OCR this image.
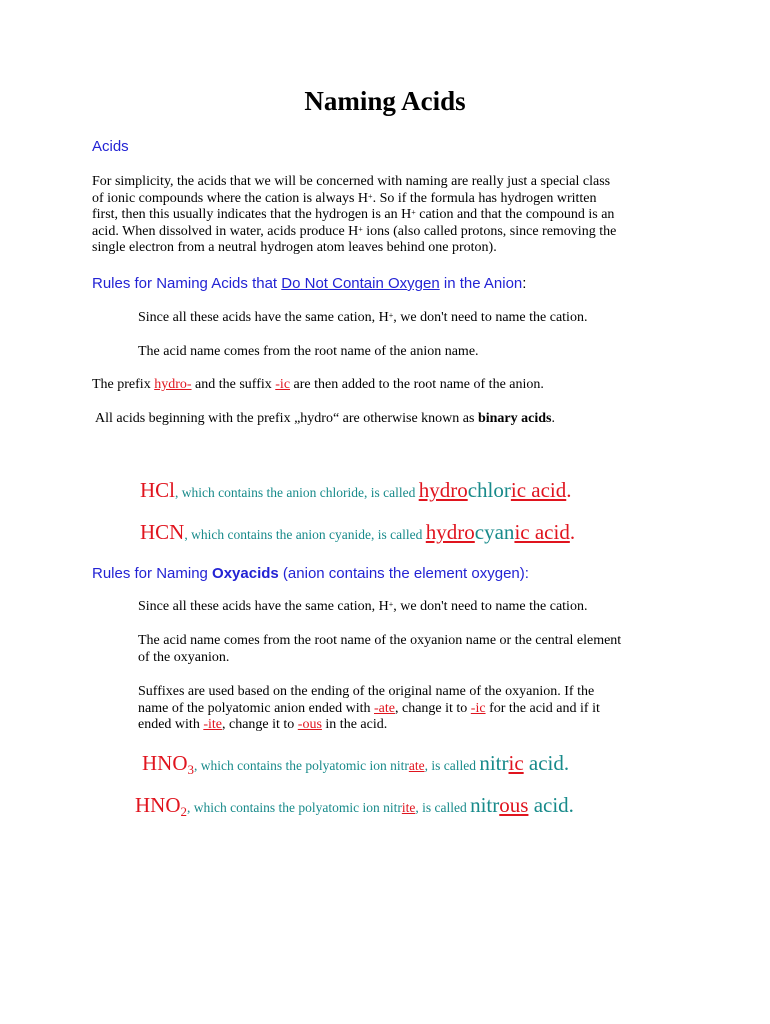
Naming Acids
Acids
For simplicity, the acids that we will be concerned with naming are really just a special class
of ionic compounds where the cation is always H+. So if the formula has hydrogen written
first, then this usually indicates that the hydrogen is an H+ cation and that the compound is an
acid. When dissolved in water, acids produce H+ ions (also called protons, since removing the
single electron from a neutral hydrogen atom leaves behind one proton).
Rules for Naming Acids that Do Not Contain Oxygen in the Anion:
Since all these acids have the same cation, H+, we don't need to name the cation.
The acid name comes from the root name of the anion name.
The prefix hydro- and the suffix -ic are then added to the root name of the anion.
All acids beginning with the prefix „hydro“ are otherwise known as binary acids.
HCl, which contains the anion chloride, is called hydrochloric acid.
HCN, which contains the anion cyanide, is called hydrocyanic acid.
Rules for Naming Oxyacids (anion contains the element oxygen):
Since all these acids have the same cation, H+, we don't need to name the cation.
The acid name comes from the root name of the oxyanion name or the central element
of the oxyanion.
Suffixes are used based on the ending of the original name of the oxyanion. If the
name of the polyatomic anion ended with -ate, change it to -ic for the acid and if it
ended with -ite, change it to -ous in the acid.
$HNO_3$, which contains the polyatomic ion nitrate, is called nitric acid.
$HNO_2$, which contains the polyatomic ion nitrite, is called nitrous acid.
